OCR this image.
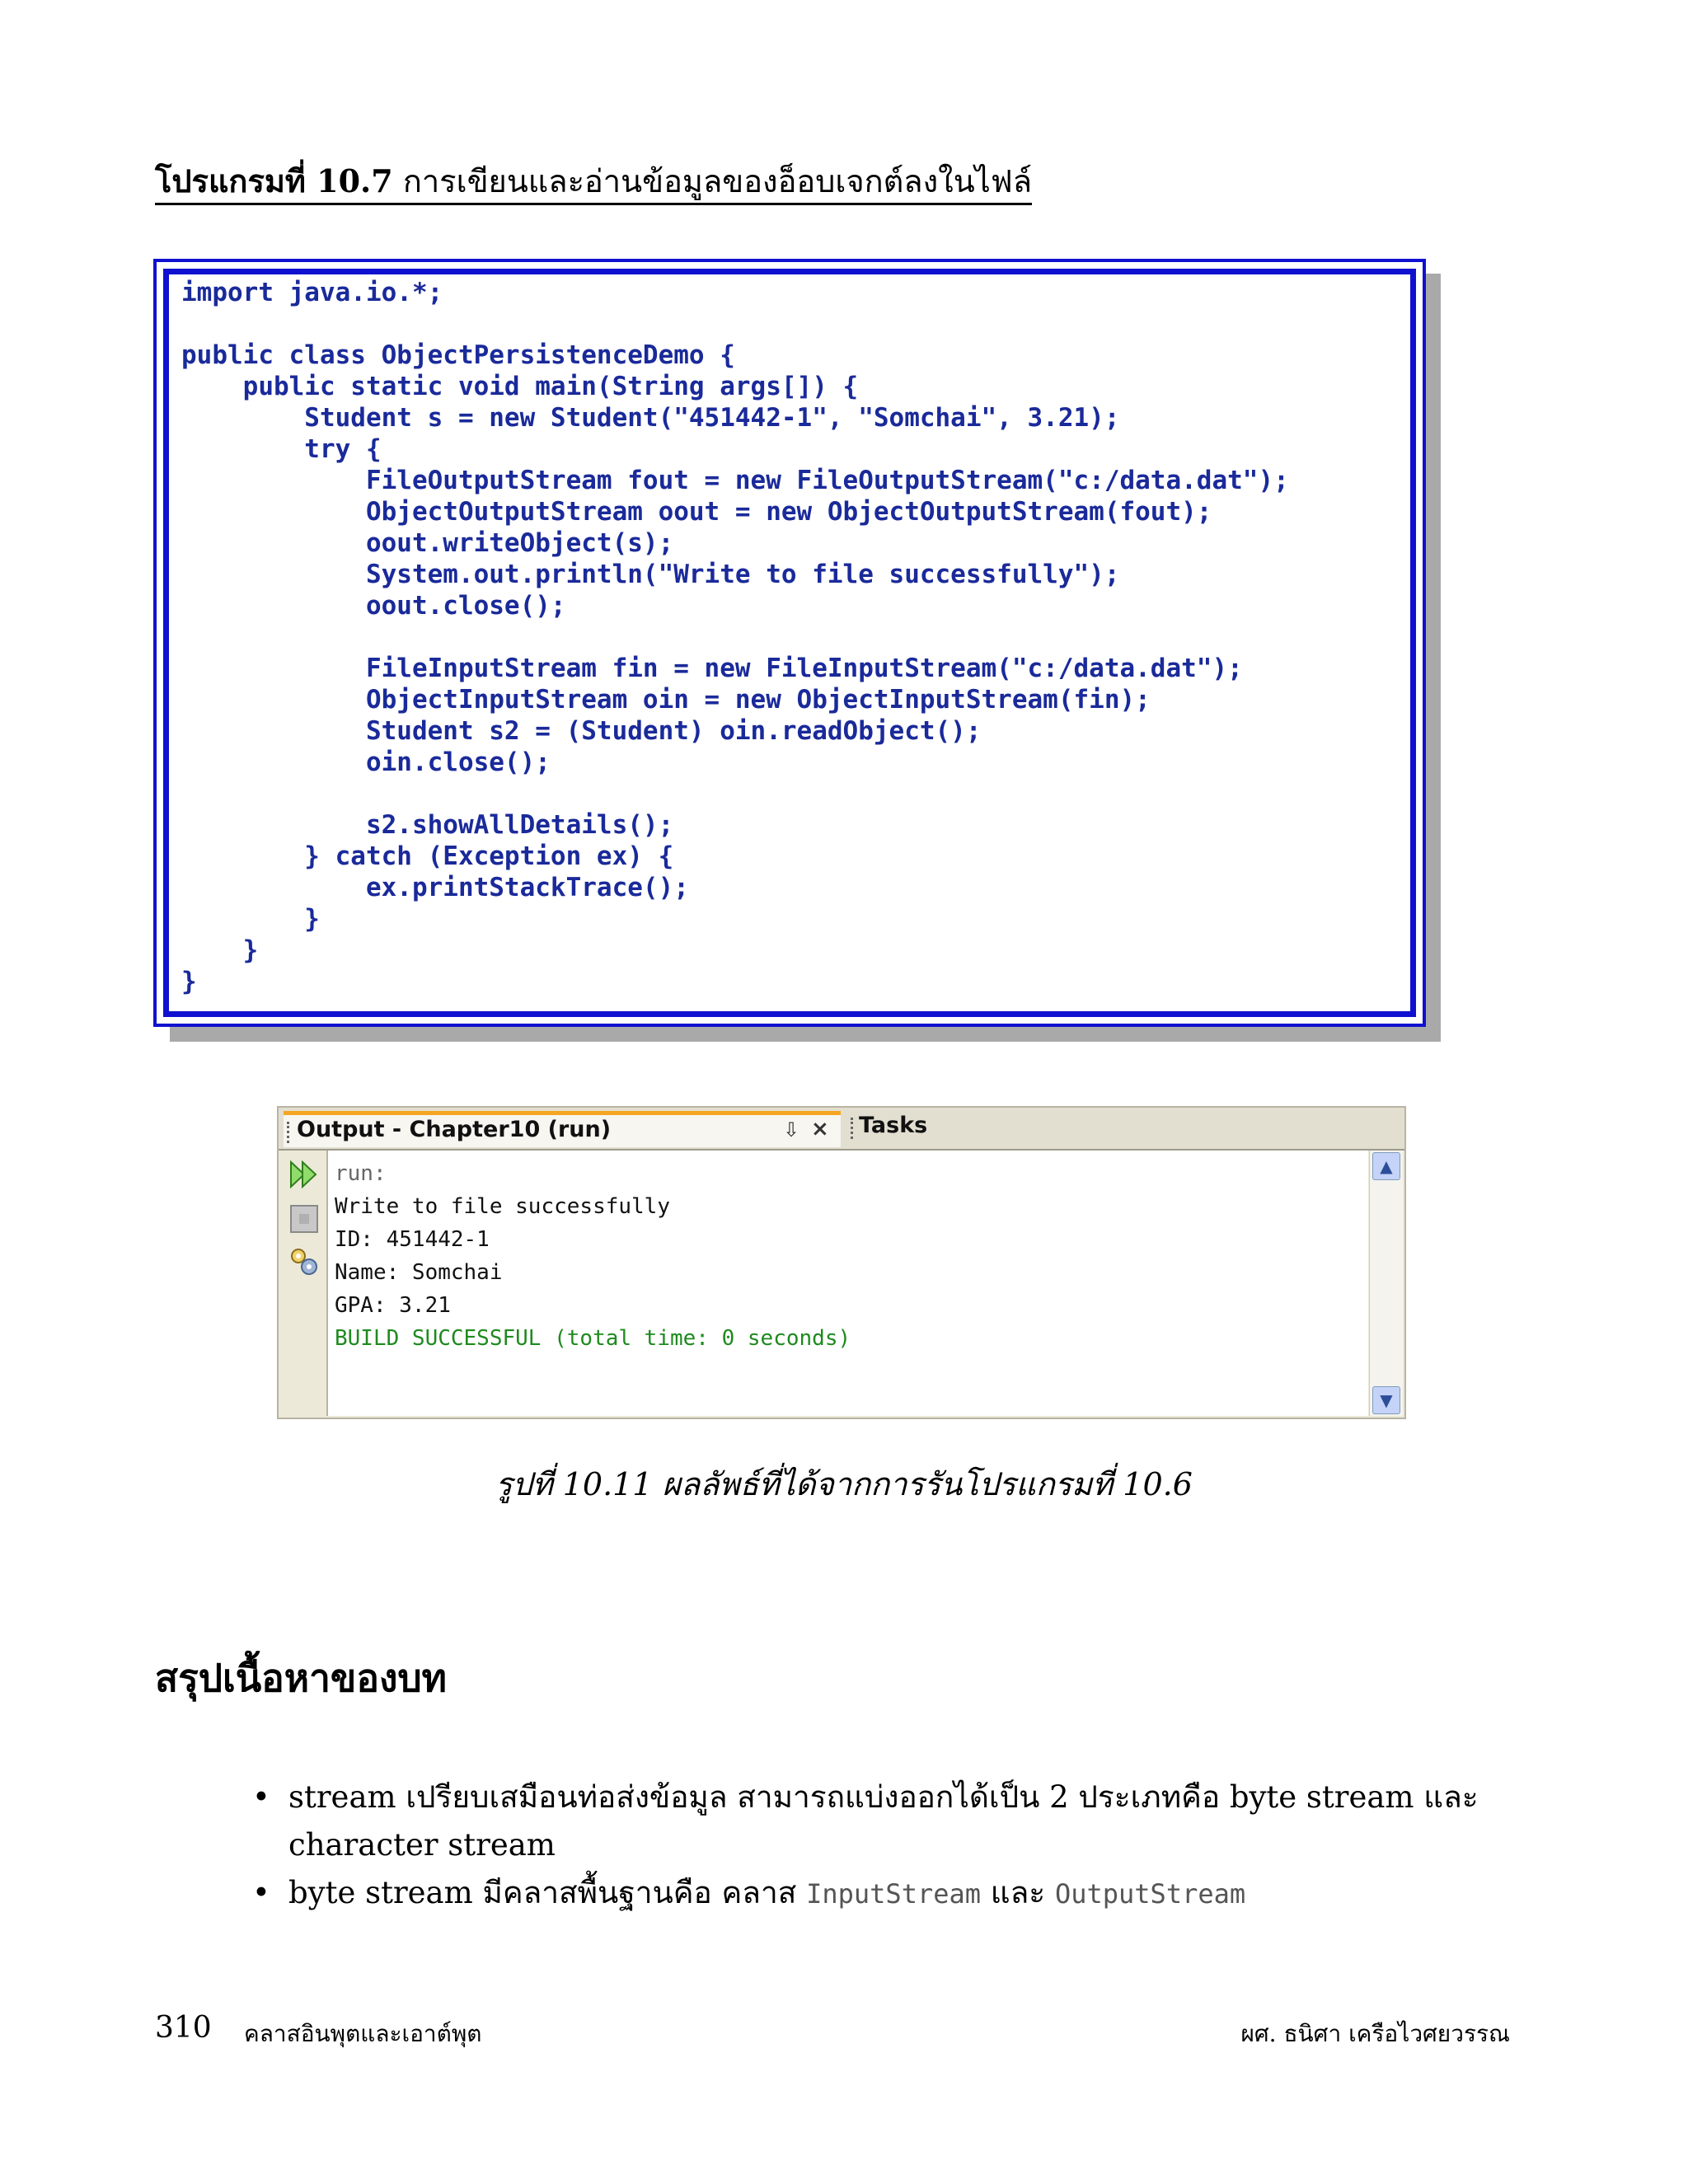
โปรแกรมที่ 10.7 การเขียนและอ่านข้อมูลของอ็อบเจกต์ลงในไฟล์
import java.io.*;
public class ObjectPersistenceDemo {
public static void main(String args[]) {
Student s = new Student("451442-1", "Somchai", 3.21);
try {
FileOutputStream fout = new FileOutputStream("c:/data.dat");
ObjectOutputStream oout = new ObjectOutputStream(fout);
oout.writeObject(s);
System.out.println("Write to file successfully");
oout.close();
FileInputStream fin = new FileInputStream("c:/data.dat");
ObjectInputStream oin = new ObjectInputStream(fin);
Student s2 = (Student) oin.readObject();
oin.close();
s2.showAllDetails();
} catch (Exception ex) {
ex.printStackTrace();
}
}
}
Output - Chapter10 (run)	⇩ × Tasks
run:
Write to file successfully
ID: 451442-1
Name: Somchai
GPA: 3.21
BUILD SUCCESSFUL (total time: 0 seconds)
▲
▼
รูปที่ 10.11 ผลลัพธ์ที่ได้จากการรันโปรแกรมที่ 10.6
สรุปเนื้อหาของบท
• stream เปรียบเสมือนท่อส่งข้อมูล สามารถแบ่งออกได้เป็น 2 ประเภทคือ byte stream และ character stream
• byte stream มีคลาสพื้นฐานคือ คลาส InputStream และ OutputStream
310 คลาสอินพุตและเอาต์พุต	ผศ. ธนิศา เครือไวศยวรรณ
